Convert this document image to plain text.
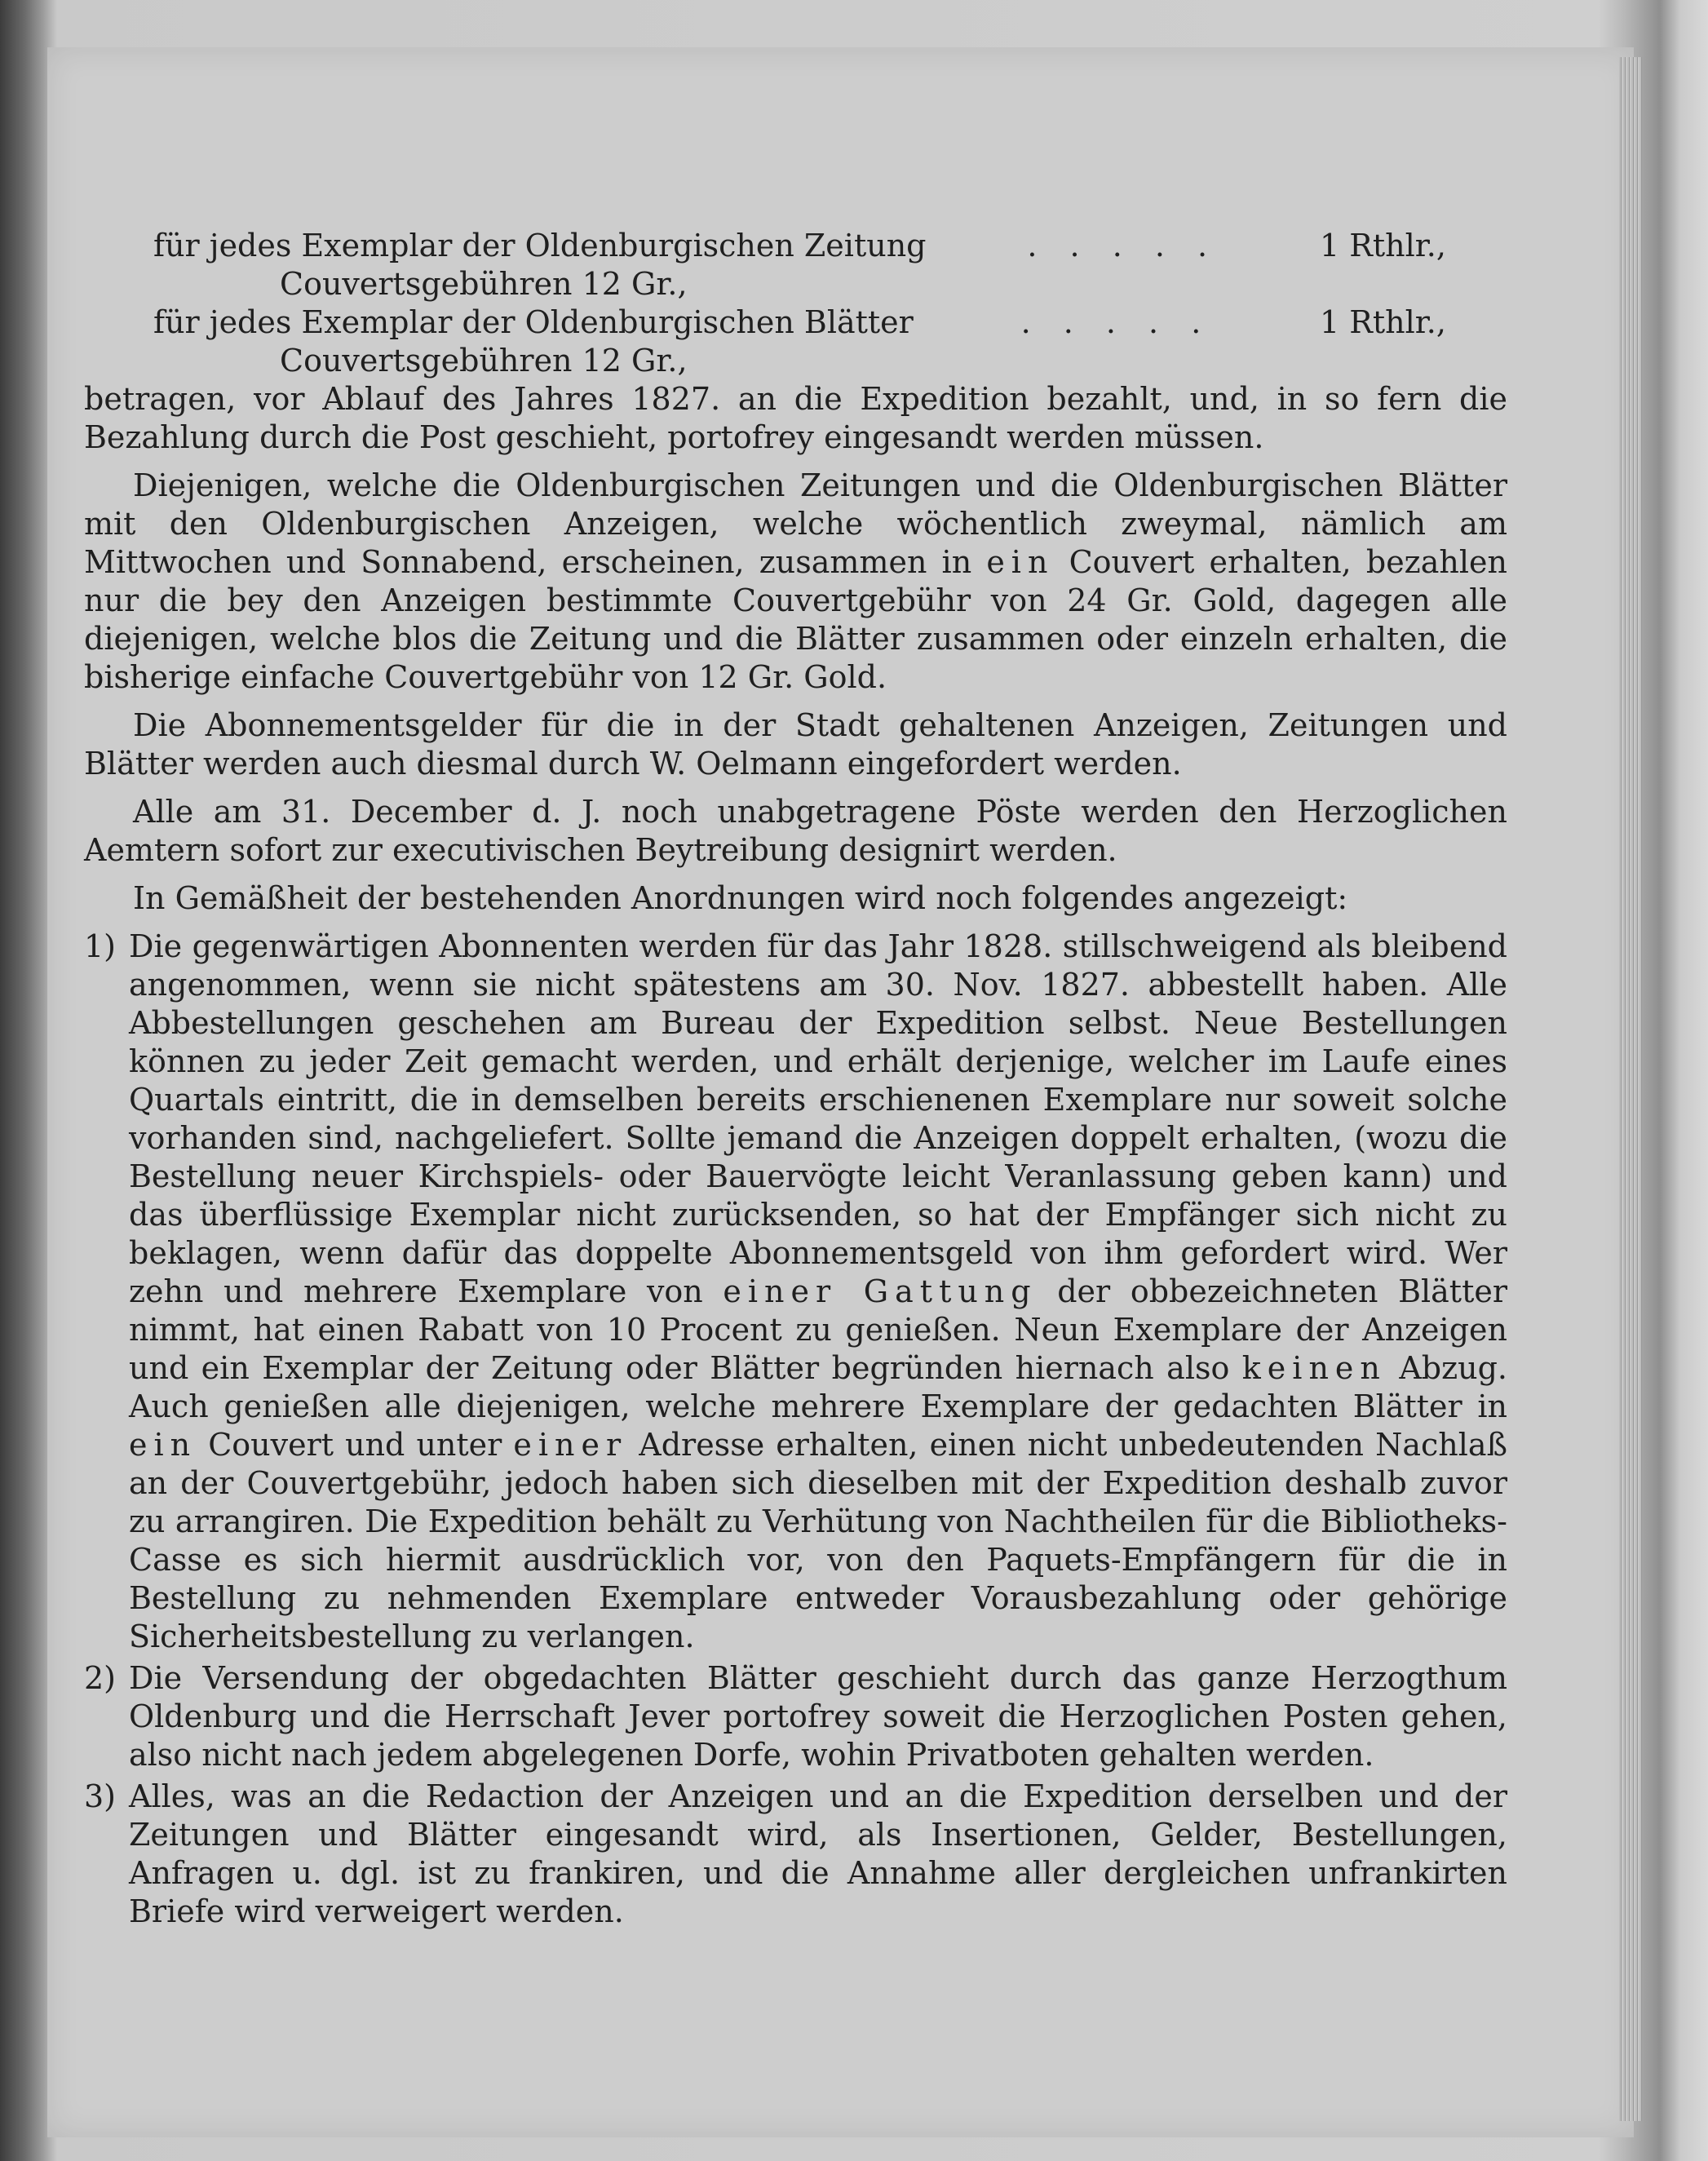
für jedes Exemplar der Oldenburgischen Zeitung	. . . . .	1 Rthlr.,
Couvertsgebühren 12 Gr.,
für jedes Exemplar der Oldenburgischen Blätter	. . . . .	1 Rthlr.,
Couvertsgebühren 12 Gr.,

betragen, vor Ablauf des Jahres 1827. an die Expedition bezahlt, und, in so fern die Bezahlung durch die Post geschieht, portofrey eingesandt werden müssen.

Diejenigen, welche die Oldenburgischen Zeitungen und die Oldenburgischen Blätter mit den Oldenburgischen Anzeigen, welche wöchentlich zweymal, nämlich am Mittwochen und Sonnabend, erscheinen, zusammen in ein Couvert erhalten, bezahlen nur die bey den Anzeigen bestimmte Couvertgebühr von 24 Gr. Gold, dagegen alle diejenigen, welche blos die Zeitung und die Blätter zusammen oder einzeln erhalten, die bisherige einfache Couvertgebühr von 12 Gr. Gold.

Die Abonnementsgelder für die in der Stadt gehaltenen Anzeigen, Zeitungen und Blätter werden auch diesmal durch W. Oelmann eingefordert werden.

Alle am 31. December d. J. noch unabgetragene Pöste werden den Herzoglichen Aemtern sofort zur executivischen Beytreibung designirt werden.

In Gemäßheit der bestehenden Anordnungen wird noch folgendes angezeigt:

1) Die gegenwärtigen Abonnenten werden für das Jahr 1828. stillschweigend als bleibend angenommen, wenn sie nicht spätestens am 30. Nov. 1827. abbestellt haben. Alle Abbestellungen geschehen am Bureau der Expedition selbst. Neue Bestellungen können zu jeder Zeit gemacht werden, und erhält derjenige, welcher im Laufe eines Quartals eintritt, die in demselben bereits erschienenen Exemplare nur soweit solche vorhanden sind, nachgeliefert. Sollte jemand die Anzeigen doppelt erhalten, (wozu die Bestellung neuer Kirchspiels- oder Bauervögte leicht Veranlassung geben kann) und das überflüssige Exemplar nicht zurücksenden, so hat der Empfänger sich nicht zu beklagen, wenn dafür das doppelte Abonnementsgeld von ihm gefordert wird. Wer zehn und mehrere Exemplare von einer Gattung der obbezeichneten Blätter nimmt, hat einen Rabatt von 10 Procent zu genießen. Neun Exemplare der Anzeigen und ein Exemplar der Zeitung oder Blätter begründen hiernach also keinen Abzug. Auch genießen alle diejenigen, welche mehrere Exemplare der gedachten Blätter in ein Couvert und unter einer Adresse erhalten, einen nicht unbedeutenden Nachlaß an der Couvertgebühr, jedoch haben sich dieselben mit der Expedition deshalb zuvor zu arrangiren. Die Expedition behält zu Verhütung von Nachtheilen für die Bibliotheks-Casse es sich hiermit ausdrücklich vor, von den Paquets-Empfängern für die in Bestellung zu nehmenden Exemplare entweder Vorausbezahlung oder gehörige Sicherheitsbestellung zu verlangen.
2) Die Versendung der obgedachten Blätter geschieht durch das ganze Herzogthum Oldenburg und die Herrschaft Jever portofrey soweit die Herzoglichen Posten gehen, also nicht nach jedem abgelegenen Dorfe, wohin Privatboten gehalten werden.
3) Alles, was an die Redaction der Anzeigen und an die Expedition derselben und der Zeitungen und Blätter eingesandt wird, als Insertionen, Gelder, Bestellungen, Anfragen u. dgl. ist zu frankiren, und die Annahme aller dergleichen unfrankirten Briefe wird verweigert werden.
